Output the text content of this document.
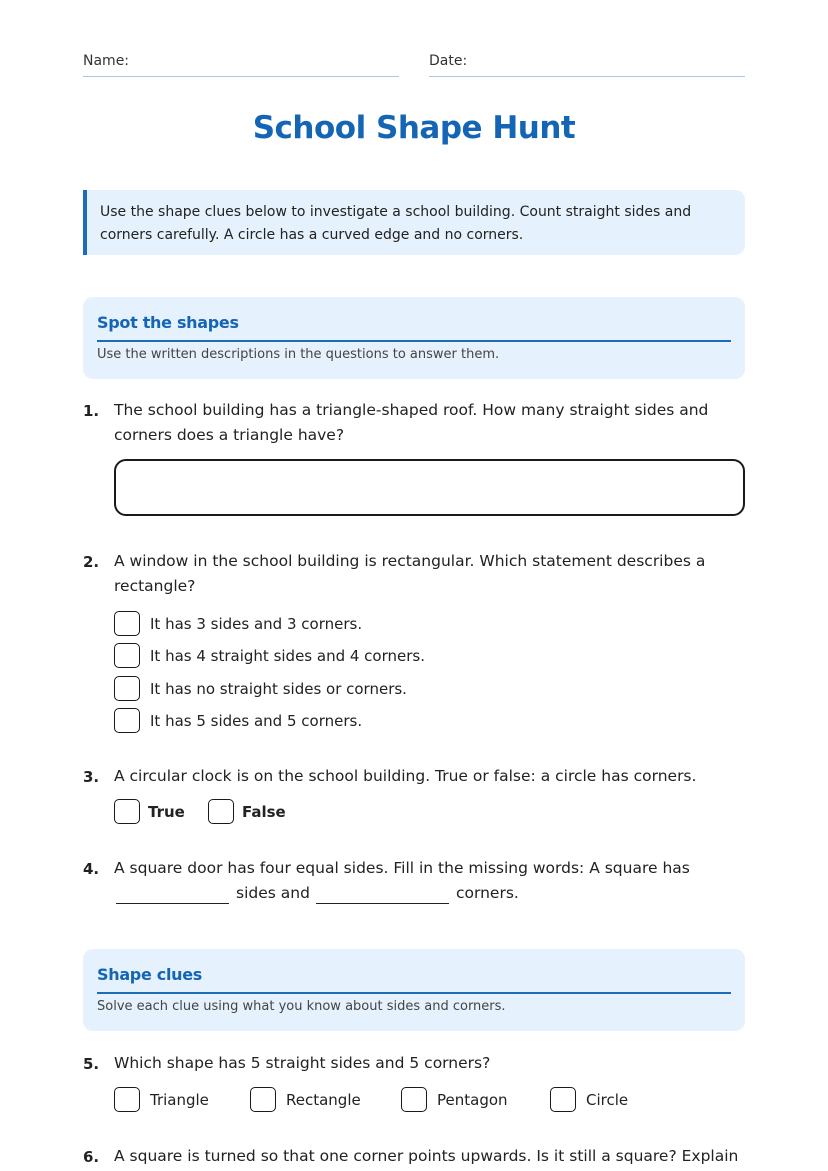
Name:	Date:
School Shape Hunt
Use the shape clues below to investigate a school building. Count straight sides and corners carefully. A circle has a curved edge and no corners.
Spot the shapes
Use the written descriptions in the questions to answer them.
1. The school building has a triangle-shaped roof. How many straight sides and corners does a triangle have?
2. A window in the school building is rectangular. Which statement describes a rectangle?
It has 3 sides and 3 corners.
It has 4 straight sides and 4 corners.
It has no straight sides or corners.
It has 5 sides and 5 corners.
3. A circular clock is on the school building. True or false: a circle has corners.
True	False
4. A square door has four equal sides. Fill in the missing words: A square has
sides and	corners.
Shape clues
Solve each clue using what you know about sides and corners.
5. Which shape has 5 straight sides and 5 corners?
Triangle	Rectangle	Pentagon	Circle
6. A square is turned so that one corner points upwards. Is it still a square? Explain
